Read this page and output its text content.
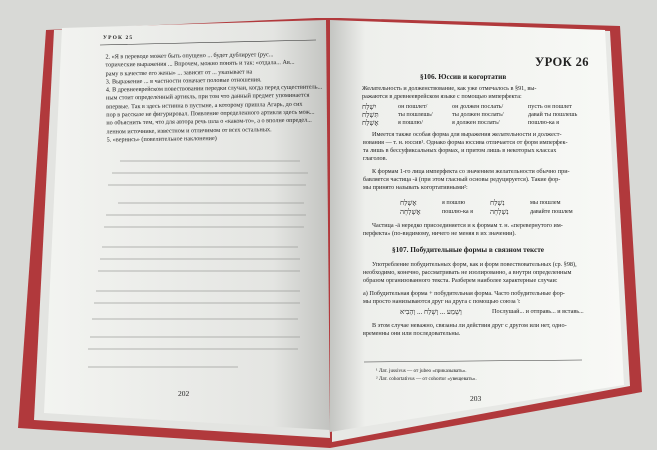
УРОК 25
2. «Я в переводе может быть опущено ... будет дублирует (рус...
торические выражения ... Впрочем, можно понять и так: «отдала... Ав...
раму в качестве его жены» ... зависят от ... указывает на
3. Выражение ... в частности означает половые отношения.
4. В древнееврейском повествовании передки случаи, когда перед существитель...
ным стоит определенный артикль, при том что данный предмет упоминается
впервые. Так в здесь истинна в пустыне, а которому пришла Агарь, до сих
пор в рассказе не фигурировал. Появление определенного артикля здесь мож...
но объяснить тем, что для автора речь шла о «каком-то», а о вполне определ...
ленном источнике, известном и отличимом от всех остальных.
5. «вернись» (повелительное наклонение)
202
УРОК 26
§106. Юссив и когортатив
Желательность и долженствование, как уже отмечалось в §91, вы-
ражаются в древнееврейском языке с помощью имперфекта:
יִשְׁלַח	он пошлет/	он должен послать/	пусть он пошлет
תִּשְׁלַח	ты пошлешь/	ты должен послать/	давай ты пошлешь
אֶשְׁלַח	я пошлю/	я должен послать/	пошлю-ка я
Имеется также особая форма для выражения желательности и должест-
вования — т. н. юссив¹. Однако форма юссива отличается от форм имперфек-
та лишь в бессуфиксальных формах, и притом лишь в некоторых классах
глаголов.
К формам 1-го лица имперфекта со значением желательности обычно при-
бавляется частица -ā (при этом гласный основы редуцируется). Такие фор-
мы принято называть когортативными²:
אֶשְׁלַח	я пошлю	נִשְׁלַח	мы пошлем
אֶשְׁלְחָה	пошлю-ка я נִשְׁלְחָה	давайте пошлем
Частица -ā нередко присоединяется и к формам т. н. «перевернутого им-
перфекта» (по-видимому, ничего не меняя в их значении).
§107. Побудительные формы в связном тексте
Употребление побудительных форм, как и форм повествовательных (ср. §98),
необходимо, конечно, рассматривать не изолированно, а внутри определенным
образом организованного текста. Разберем наиболее характерные случаи:
а) Побудительная форма + побудительная форма. Часто побудительные фор-
мы просто нанизываются друг на друга с помощью союза ו:
וְשָׁמַע ... וְשָׁלַח ... וְהֵבִיא	Послушай... и отправь... и вставь...
В этом случае неважно, связаны ли действия друг с другом или нет, одно-
временны они или последовательны.
¹ Лат. jussivus — от jubeo «приказывать».
² Лат. cohortativus — от cohortor «увещевать».
203
